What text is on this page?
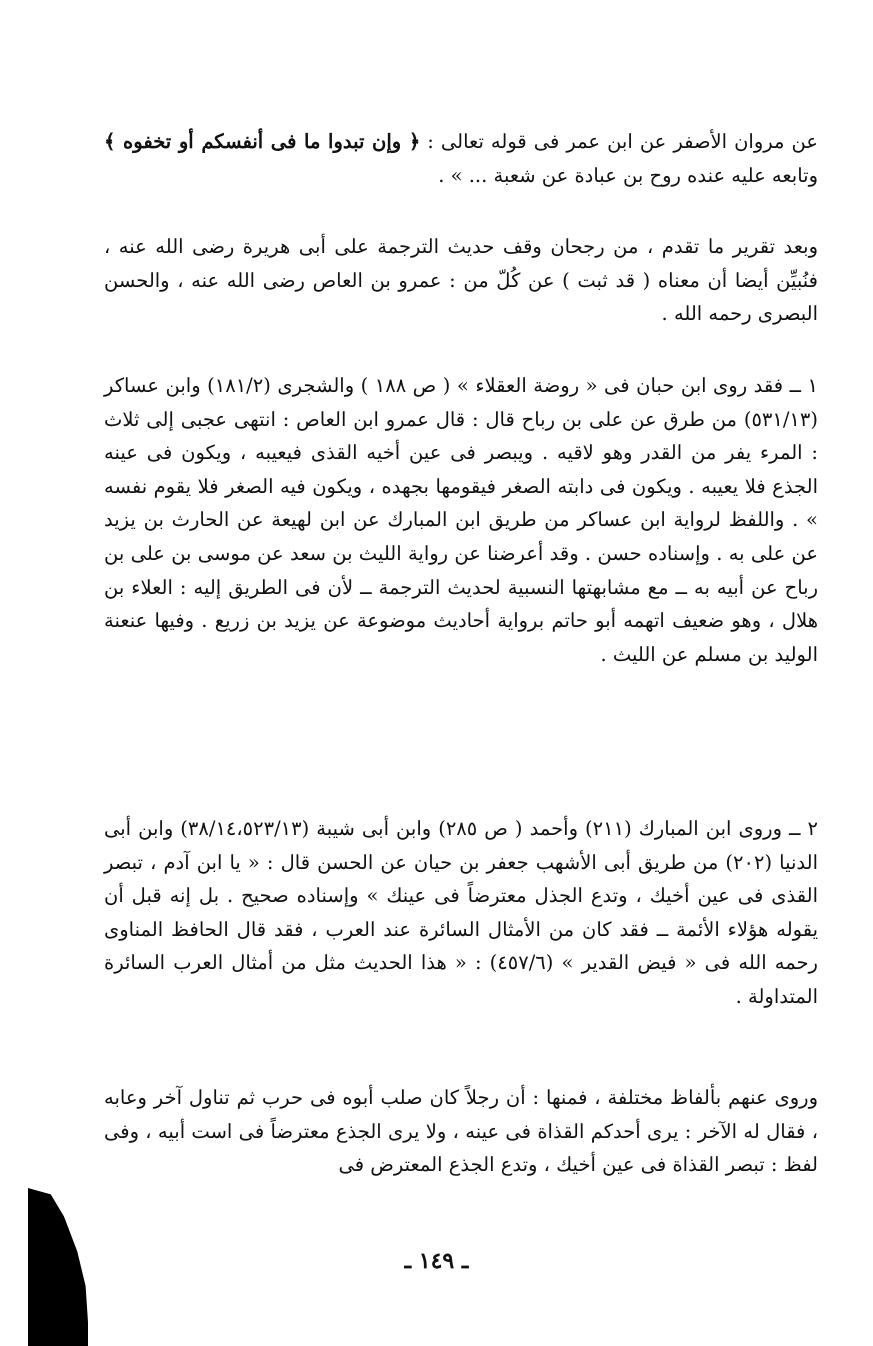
عن مروان الأصفر عن ابن عمر فى قوله تعالى : ﴿ وإن تبدوا ما فى أنفسكم أو تخفوه ﴾ وتابعه عليه عنده روح بن عبادة عن شعبة ... » .

وبعد تقرير ما تقدم ، من رجحان وقف حديث الترجمة على أبى هريرة رضى الله عنه ، فنُبيِّن أيضا أن معناه ( قد ثبت ) عن كُلّ من : عمرو بن العاص رضى الله عنه ، والحسن البصرى رحمه الله .

١ ــ فقد روى ابن حبان فى « روضة العقلاء » ( ص ١٨٨ ) والشجرى (١٨١/٢) وابن عساكر (٥٣١/١٣) من طرق عن على بن رباح قال : قال عمرو ابن العاص : انتهى عجبى إلى ثلاث : المرء يفر من القدر وهو لاقيه . ويبصر فى عين أخيه القذى فيعيبه ، ويكون فى عينه الجذع فلا يعيبه . ويكون فى دابته الصغر فيقومها بجهده ، ويكون فيه الصغر فلا يقوم نفسه » . واللفظ لرواية ابن عساكر من طريق ابن المبارك عن ابن لهيعة عن الحارث بن يزيد عن على به . وإسناده حسن . وقد أعرضنا عن رواية الليث بن سعد عن موسى بن على بن رباح عن أبيه به ــ مع مشابهتها النسبية لحديث الترجمة ــ لأن فى الطريق إليه : العلاء بن هلال ، وهو ضعيف اتهمه أبو حاتم برواية أحاديث موضوعة عن يزيد بن زريع . وفيها عنعنة الوليد بن مسلم عن الليث .

٢ ــ وروى ابن المبارك (٢١١) وأحمد ( ص ٢٨٥) وابن أبى شيبة (٣٨/١٤،٥٢٣/١٣) وابن أبى الدنيا (٢٠٢) من طريق أبى الأشهب جعفر بن حيان عن الحسن قال : « يا ابن آدم ، تبصر القذى فى عين أخيك ، وتدع الجذل معترضاً فى عينك » وإسناده صحيح . بل إنه قبل أن يقوله هؤلاء الأئمة ــ فقد كان من الأمثال السائرة عند العرب ، فقد قال الحافظ المناوى رحمه الله فى « فيض القدير » (٤٥٧/٦) : « هذا الحديث مثل من أمثال العرب السائرة المتداولة .

وروى عنهم بألفاظ مختلفة ، فمنها : أن رجلاً كان صلب أبوه فى حرب ثم تناول آخر وعابه ، فقال له الآخر : يرى أحدكم القذاة فى عينه ، ولا يرى الجذع معترضاً فى است أبيه ، وفى لفظ : تبصر القذاة فى عين أخيك ، وتدع الجذع المعترض فى

ـ ١٤٩ ـ
